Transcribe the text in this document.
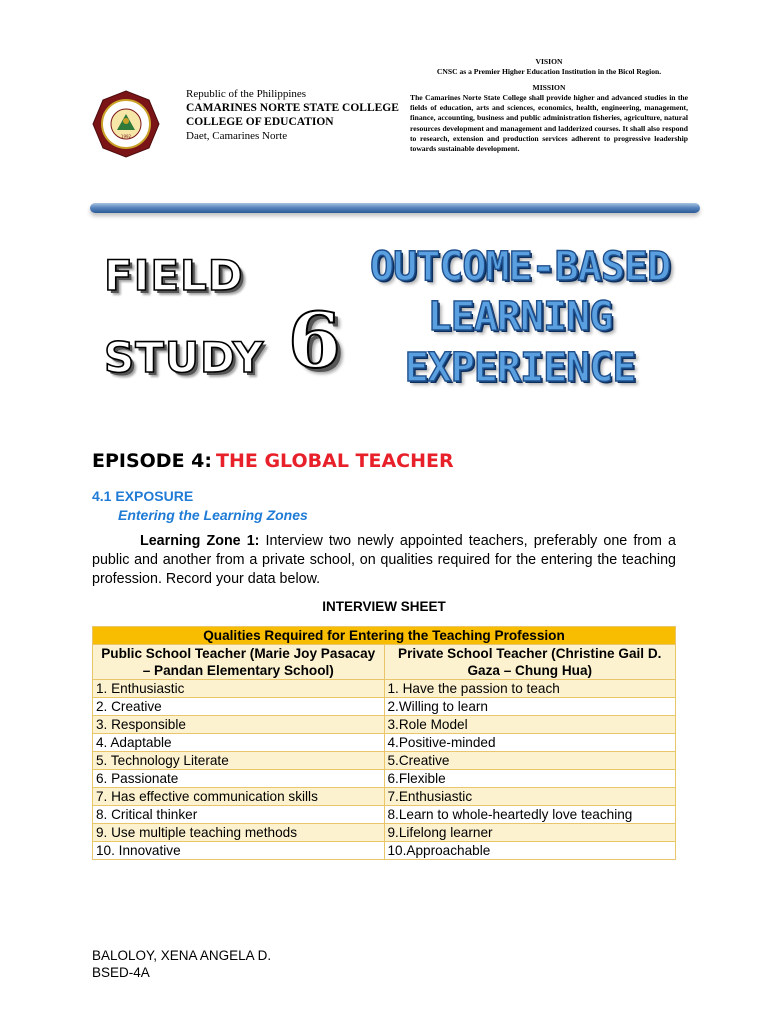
1992
Republic of the Philippines
CAMARINES NORTE STATE COLLEGE
COLLEGE OF EDUCATION
Daet, Camarines Norte
VISION
CNSC as a Premier Higher Education Institution in the Bicol Region.
MISSION
The Camarines Norte State College shall provide higher and advanced studies in the fields of education, arts and sciences, economics, health, engineering, management, finance, accounting, business and public administration fisheries, agriculture, natural resources development and management and ladderized courses. It shall also respond to research, extension and production services adherent to progressive leadership towards sustainable development.
FIELD
STUDY 6
OUTCOME-BASED
LEARNING
EXPERIENCE
EPISODE 4: THE GLOBAL TEACHER
4.1 EXPOSURE
Entering the Learning Zones
Learning Zone 1: Interview two newly appointed teachers, preferably one from a public and another from a private school, on qualities required for the entering the teaching profession. Record your data below.
INTERVIEW SHEET
Qualities Required for Entering the Teaching Profession	
Public School Teacher (Marie Joy Pasacay – Pandan Elementary School)	Private School Teacher (Christine Gail D. Gaza – Chung Hua)
1. Enthusiastic	1. Have the passion to teach
2. Creative	2.Willing to learn
3. Responsible	3.Role Model
4. Adaptable	4.Positive-minded
5. Technology Literate	5.Creative
6. Passionate	6.Flexible
7. Has effective communication skills	7.Enthusiastic
8. Critical thinker	8.Learn to whole-heartedly love teaching
9. Use multiple teaching methods	9.Lifelong learner
10. Innovative	10.Approachable
BALOLOY, XENA ANGELA D.
BSED-4A
